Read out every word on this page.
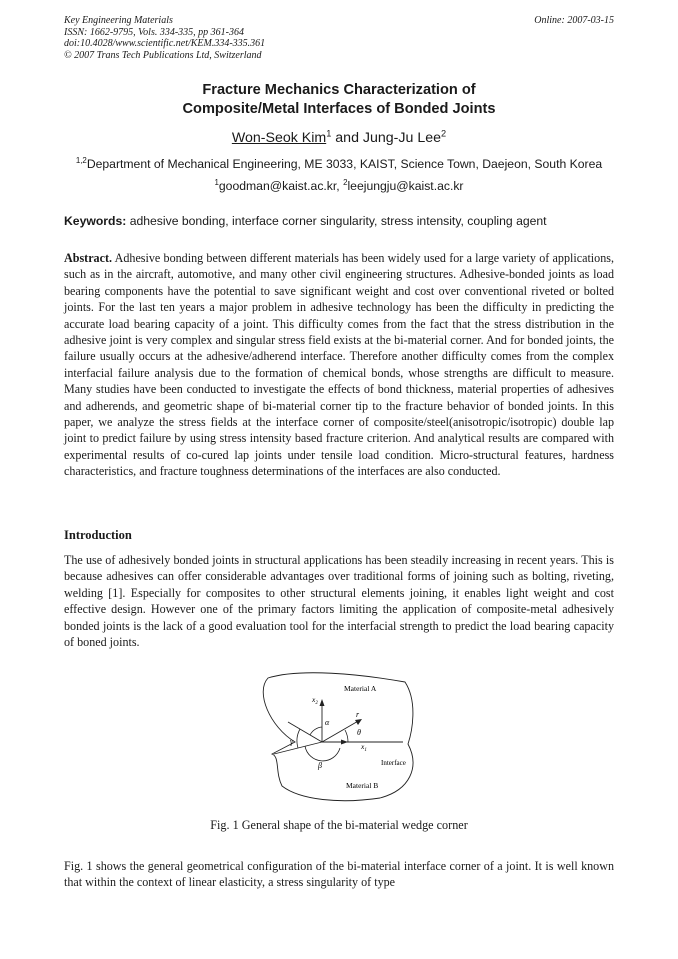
Key Engineering Materials
ISSN: 1662-9795, Vols. 334-335, pp 361-364
doi:10.4028/www.scientific.net/KEM.334-335.361
© 2007 Trans Tech Publications Ltd, Switzerland
Online: 2007-03-15
Fracture Mechanics Characterization of
Composite/Metal Interfaces of Bonded Joints
Won-Seok Kim$^1$ and Jung-Ju Lee$^2$
$^{1,2}$Department of Mechanical Engineering, ME 3033, KAIST, Science Town, Daejeon, South Korea
$^1$goodman@kaist.ac.kr, $^2$leejungju@kaist.ac.kr
Keywords: adhesive bonding, interface corner singularity, stress intensity, coupling agent
Abstract. Adhesive bonding between different materials has been widely used for a large variety of applications, such as in the aircraft, automotive, and many other civil engineering structures. Adhesive-bonded joints as load bearing components have the potential to save significant weight and cost over conventional riveted or bolted joints. For the last ten years a major problem in adhesive technology has been the difficulty in predicting the accurate load bearing capacity of a joint. This difficulty comes from the fact that the stress distribution in the adhesive joint is very complex and singular stress field exists at the bi-material corner. And for bonded joints, the failure usually occurs at the adhesive/adherend interface. Therefore another difficulty comes from the complex interfacial failure analysis due to the formation of chemical bonds, whose strengths are difficult to measure. Many studies have been conducted to investigate the effects of bond thickness, material properties of adhesives and adherends, and geometric shape of bi-material corner tip to the fracture behavior of bonded joints. In this paper, we analyze the stress fields at the interface corner of composite/steel(anisotropic/isotropic) double lap joint to predict failure by using stress intensity based fracture criterion. And analytical results are compared with experimental results of co-cured lap joints under tensile load condition. Micro-structural features, hardness characteristics, and fracture toughness determinations of the interfaces are also conducted.
Introduction
The use of adhesively bonded joints in structural applications has been steadily increasing in recent years. This is because adhesives can offer considerable advantages over traditional forms of joining such as bolting, riveting, welding [1]. Especially for composites to other structural elements joining, it enables light weight and cost effective design. However one of the primary factors limiting the application of composite-metal adhesively bonded joints is the lack of a good evaluation tool for the interfacial strength to predict the load bearing capacity of boned joints.
Material A
Material B
Interface
$x_2$
$x_1$
r
θ
α
γ
β
Fig. 1 General shape of the bi-material wedge corner
Fig. 1 shows the general geometrical configuration of the bi-material interface corner of a joint. It is well known that within the context of linear elasticity, a stress singularity of type
